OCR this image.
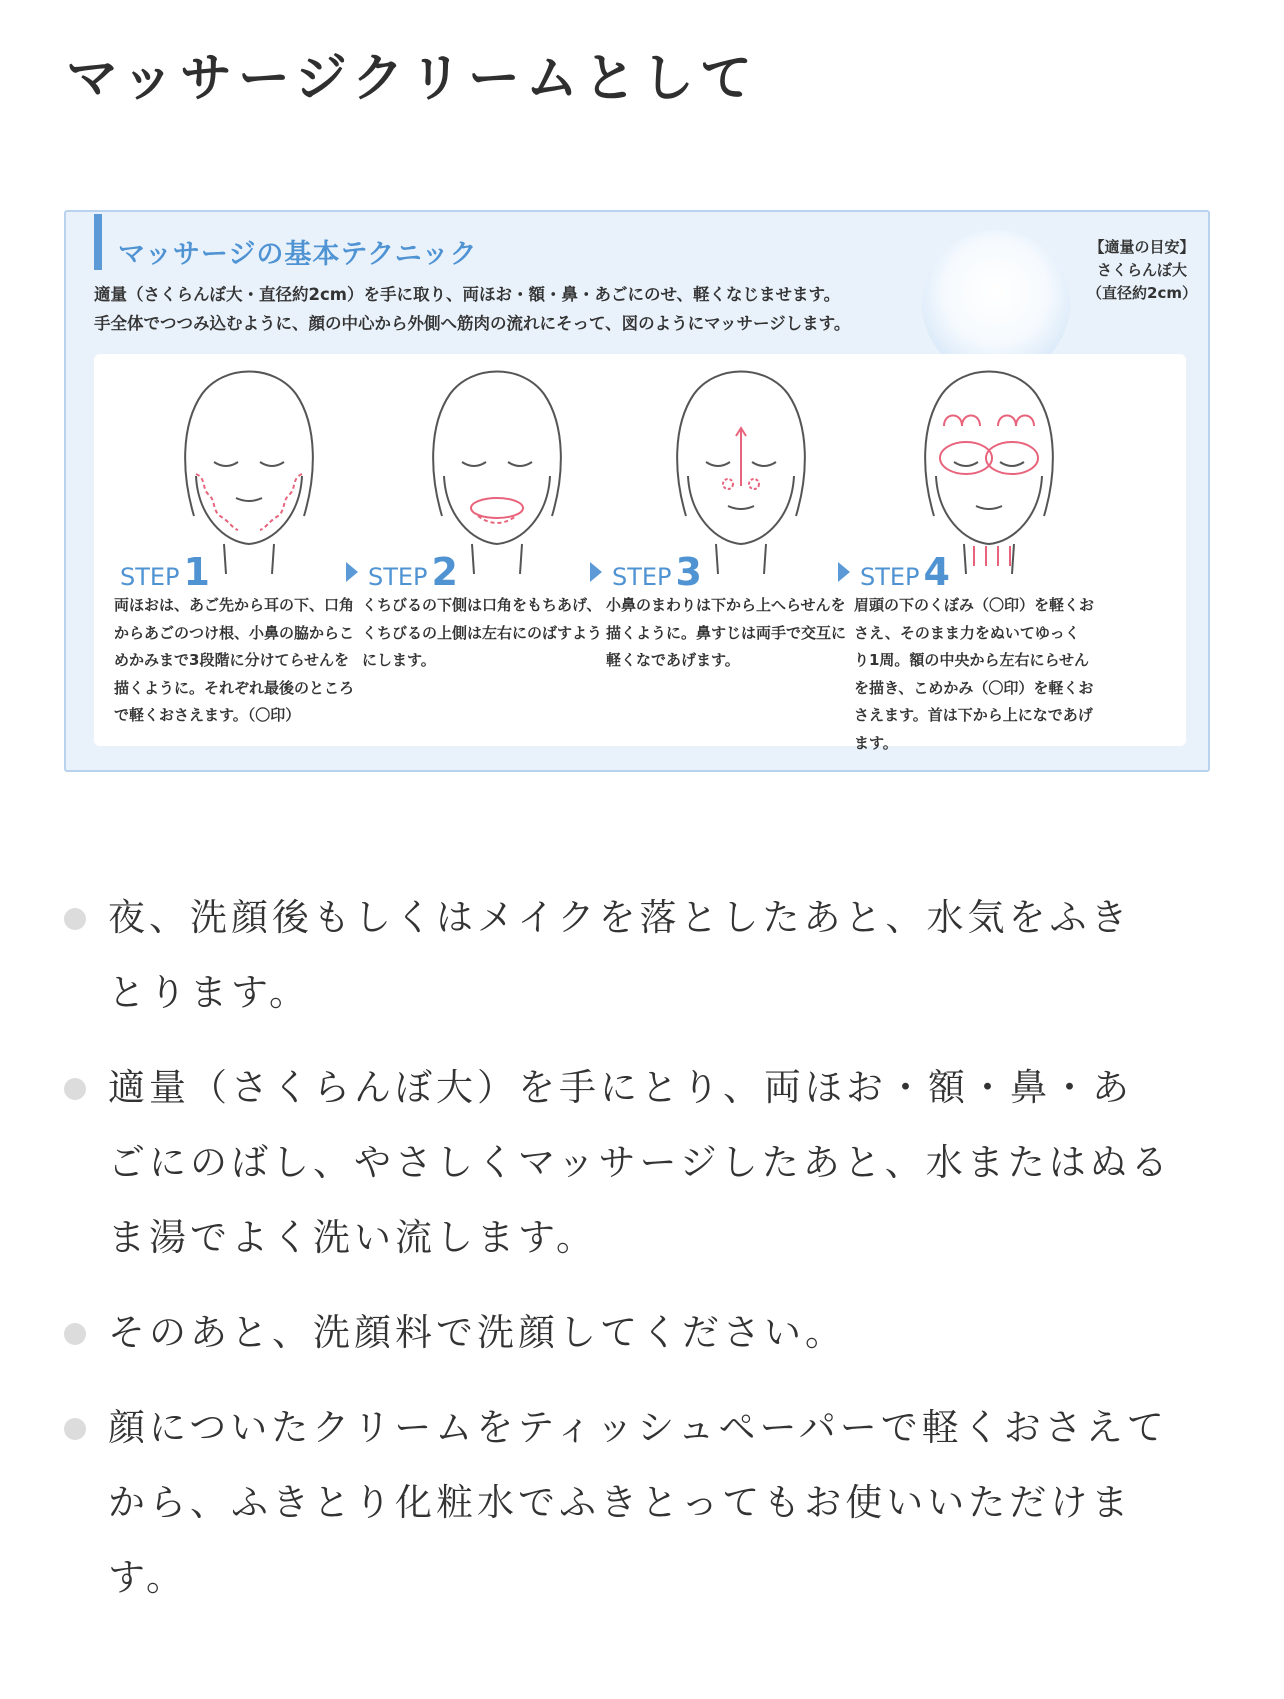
マッサージクリームとして
マッサージの基本テクニック
適量（さくらんぼ大・直径約2cm）を手に取り、両ほお・額・鼻・あごにのせ、軽くなじませます。
手全体でつつみ込むように、顔の中心から外側へ筋肉の流れにそって、図のようにマッサージします。
【適量の目安】
さくらんぼ大
（直径約2cm）
STEP 1
両ほおは、あご先から耳の下、口角からあごのつけ根、小鼻の脇からこめかみまで3段階に分けてらせんを描くように。それぞれ最後のところで軽くおさえます。（〇印）
STEP 2
くちびるの下側は口角をもちあげ、くちびるの上側は左右にのばすようにします。
STEP 3
小鼻のまわりは下から上へらせんを描くように。鼻すじは両手で交互に軽くなであげます。
STEP 4
眉頭の下のくぼみ（〇印）を軽くおさえ、そのまま力をぬいてゆっくり1周。額の中央から左右にらせんを描き、こめかみ（〇印）を軽くおさえます。首は下から上になであげます。
夜、洗顔後もしくはメイクを落としたあと、水気をふきとります。
適量（さくらんぼ大）を手にとり、両ほお・額・鼻・あごにのばし、やさしくマッサージしたあと、水またはぬるま湯でよく洗い流します。
そのあと、洗顔料で洗顔してください。
顔についたクリームをティッシュペーパーで軽くおさえてから、ふきとり化粧水でふきとってもお使いいただけます。
